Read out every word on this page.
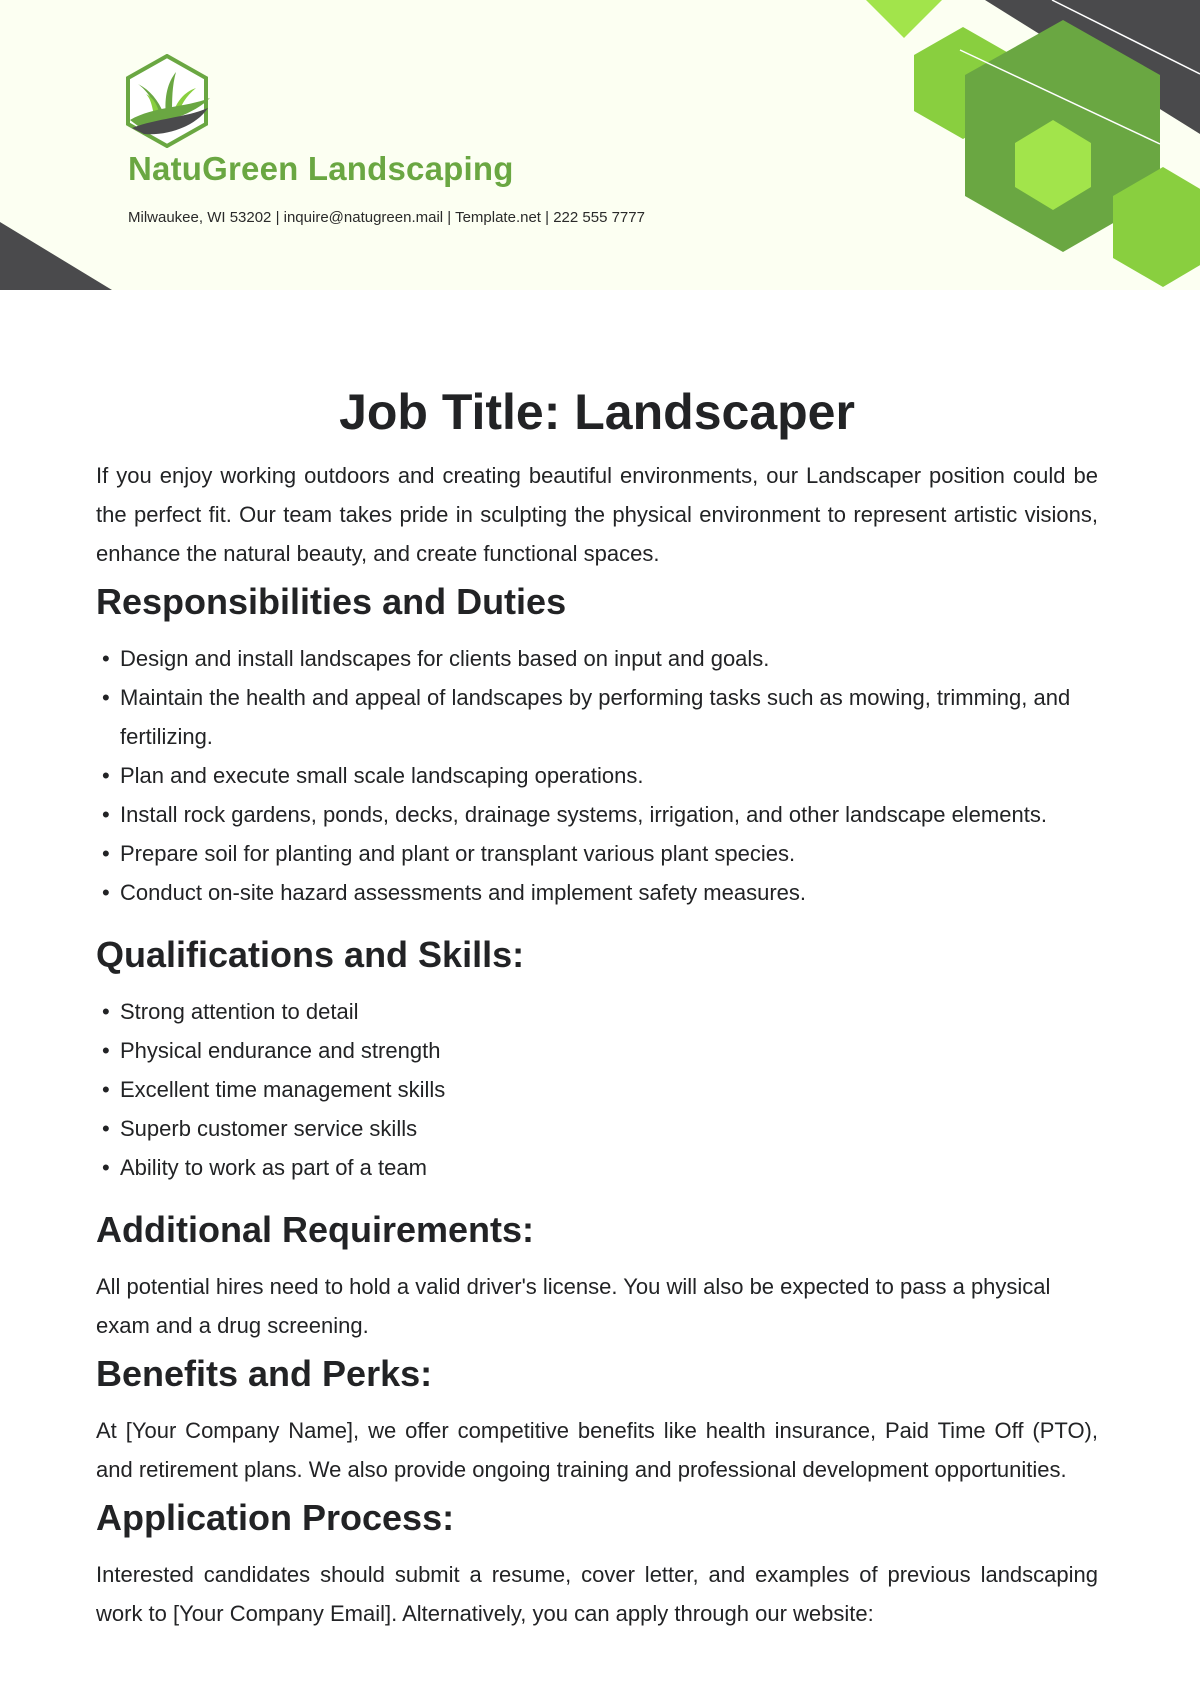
NatuGreen Landscaping
Milwaukee, WI 53202 | inquire@natugreen.mail | Template.net | 222 555 7777
Job Title: Landscaper

If you enjoy working outdoors and creating beautiful environments, our Landscaper position could be the perfect fit. Our team takes pride in sculpting the physical environment to represent artistic visions, enhance the natural beauty, and create functional spaces.

Responsibilities and Duties
• Design and install landscapes for clients based on input and goals.
• Maintain the health and appeal of landscapes by performing tasks such as mowing, trimming, and fertilizing.
• Plan and execute small scale landscaping operations.
• Install rock gardens, ponds, decks, drainage systems, irrigation, and other landscape elements.
• Prepare soil for planting and plant or transplant various plant species.
• Conduct on-site hazard assessments and implement safety measures.
Qualifications and Skills:
• Strong attention to detail
• Physical endurance and strength
• Excellent time management skills
• Superb customer service skills
• Ability to work as part of a team
Additional Requirements:

All potential hires need to hold a valid driver's license. You will also be expected to pass a physical exam and a drug screening.

Benefits and Perks:

At [Your Company Name], we offer competitive benefits like health insurance, Paid Time Off (PTO), and retirement plans. We also provide ongoing training and professional development opportunities.

Application Process:

Interested candidates should submit a resume, cover letter, and examples of previous landscaping work to [Your Company Email]. Alternatively, you can apply through our website:
